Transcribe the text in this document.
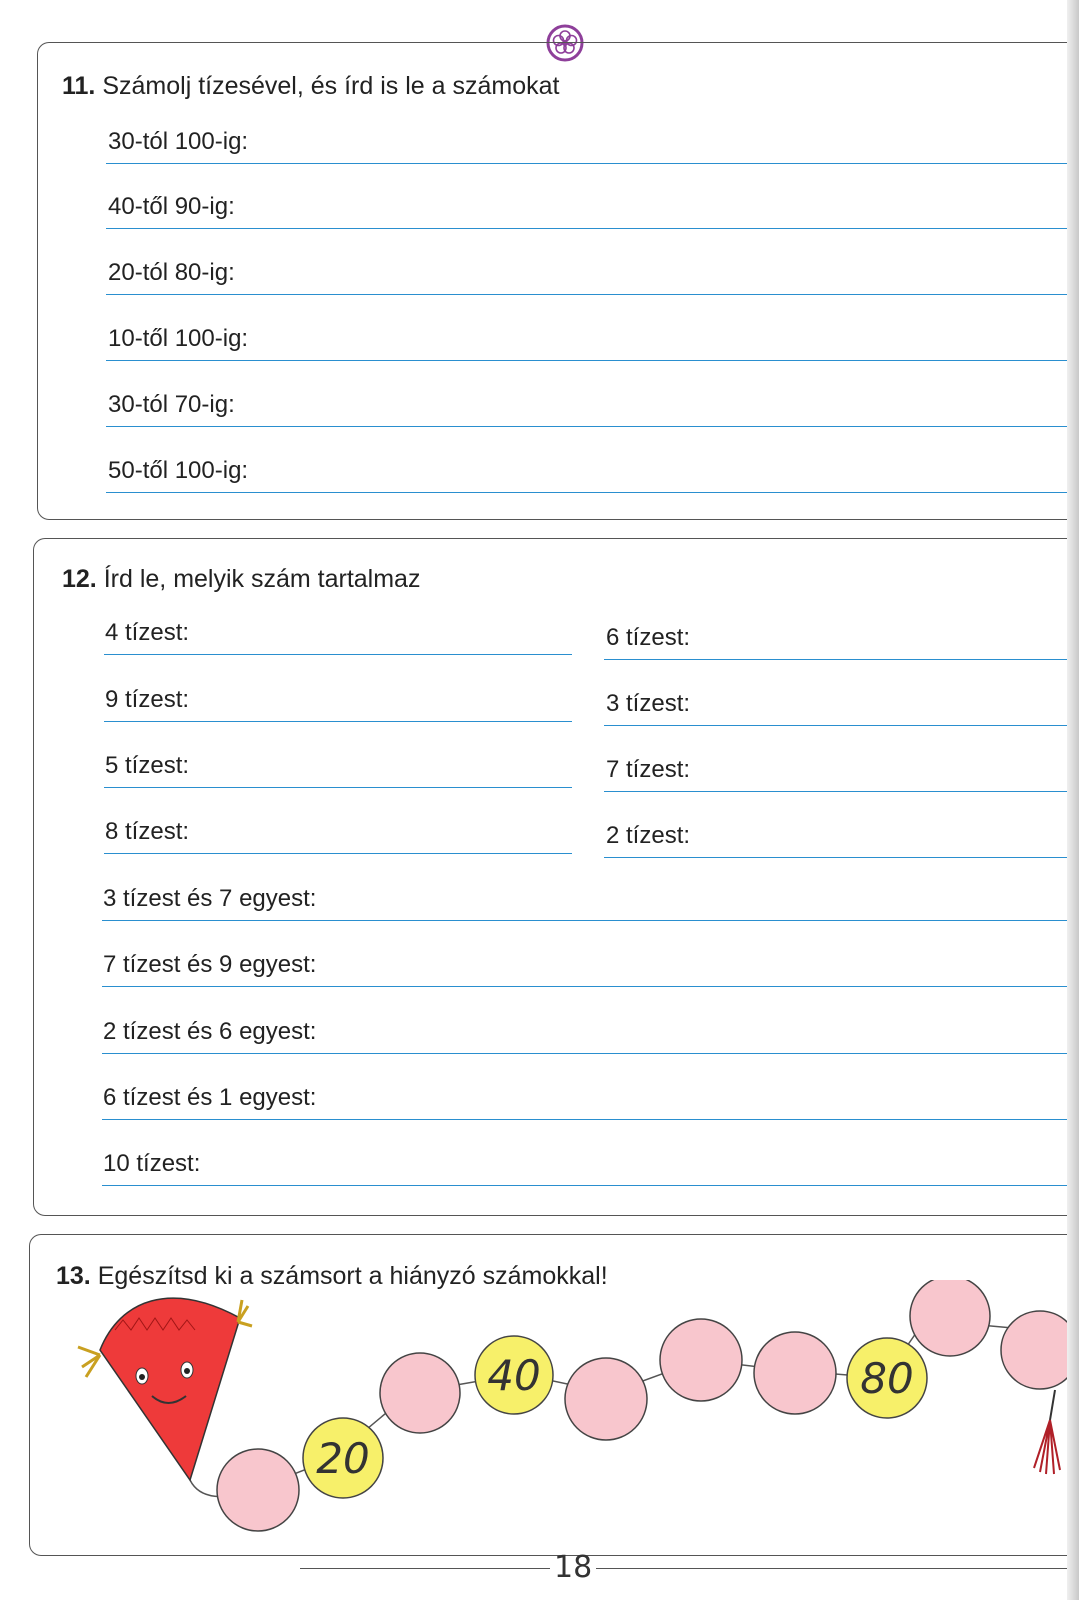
11. Számolj tízesével, és írd is le a számokat
30-tól 100-ig:
40-től 90-ig:
20-tól 80-ig:
10-től 100-ig:
30-tól 70-ig:
50-től 100-ig:
12. Írd le, melyik szám tartalmaz
4 tízest:	6 tízest:
9 tízest:	3 tízest:
5 tízest:	7 tízest:
8 tízest:	2 tízest:
3 tízest és 7 egyest:
7 tízest és 9 egyest:
2 tízest és 6 egyest:
6 tízest és 1 egyest:
10 tízest:
13. Egészítsd ki a számsort a hiányzó számokkal!
20
40	80
18
